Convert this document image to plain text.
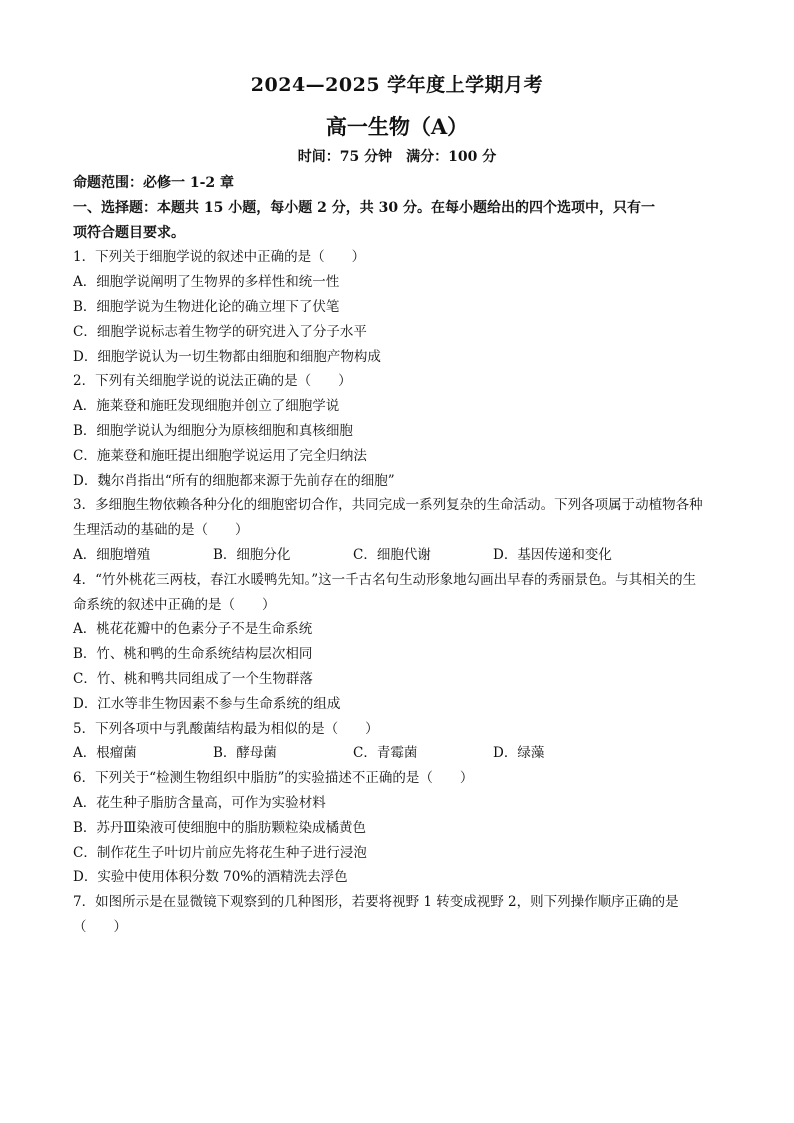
2024—2025 学年度上学期月考
高一生物（A）
时间：75 分钟　满分：100 分
命题范围：必修一 1-2 章
一、选择题：本题共 15 小题，每小题 2 分，共 30 分。在每小题给出的四个选项中，只有一
项符合题目要求。
1．下列关于细胞学说的叙述中正确的是（　　）
A．细胞学说阐明了生物界的多样性和统一性
B．细胞学说为生物进化论的确立埋下了伏笔
C．细胞学说标志着生物学的研究进入了分子水平
D．细胞学说认为一切生物都由细胞和细胞产物构成
2．下列有关细胞学说的说法正确的是（　　）
A．施莱登和施旺发现细胞并创立了细胞学说
B．细胞学说认为细胞分为原核细胞和真核细胞
C．施莱登和施旺提出细胞学说运用了完全归纳法
D．魏尔肖指出“所有的细胞都来源于先前存在的细胞”
3．多细胞生物依赖各种分化的细胞密切合作，共同完成一系列复杂的生命活动。下列各项属于动植物各种
生理活动的基础的是（　　）
A．细胞增殖	B．细胞分化	C．细胞代谢	D．基因传递和变化
4．“竹外桃花三两枝，春江水暖鸭先知。”这一千古名句生动形象地勾画出早春的秀丽景色。与其相关的生
命系统的叙述中正确的是（　　）
A．桃花花瓣中的色素分子不是生命系统
B．竹、桃和鸭的生命系统结构层次相同
C．竹、桃和鸭共同组成了一个生物群落
D．江水等非生物因素不参与生命系统的组成
5．下列各项中与乳酸菌结构最为相似的是（　　）
A．根瘤菌	B．酵母菌	C．青霉菌	D．绿藻
6．下列关于“检测生物组织中脂肪”的实验描述不正确的是（　　）
A．花生种子脂肪含量高，可作为实验材料
B．苏丹Ⅲ染液可使细胞中的脂肪颗粒染成橘黄色
C．制作花生子叶切片前应先将花生种子进行浸泡
D．实验中使用体积分数 70%的酒精洗去浮色
7．如图所示是在显微镜下观察到的几种图形，若要将视野 1 转变成视野 2，则下列操作顺序正确的是
（　　）
